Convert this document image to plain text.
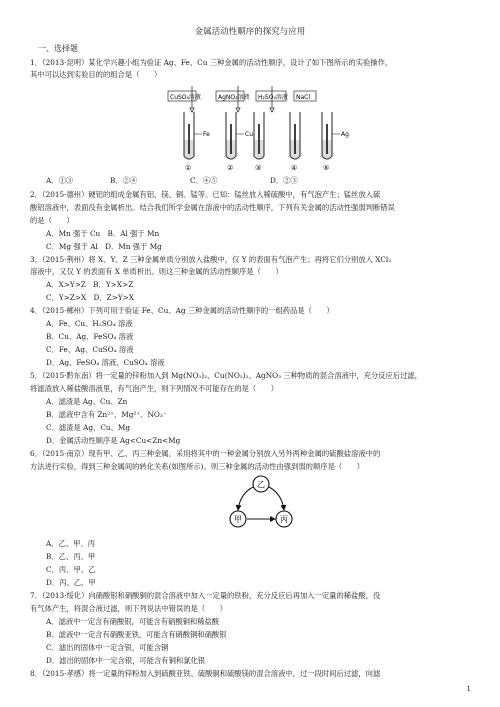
金属活动性顺序的探究与应用
一、选择题
1．（2013·昆明）某化学兴趣小组为验证 Ag、Fe、Cu 三种金属的活动性顺序，设计了如下图所示的实验操作，
其中可以达到实验目的的组合是（　　）
CuSO₄溶液	AgNO₃溶液 H₂SO₄溶液 NaCl
Fe	Cu	Ag
①	②	③	④	⑤
A．①③	B．②④	C．④⑤	D．②③
2．（2015·德州）硬铝的组成金属有铝、镁、铜、锰等。已知：锰丝放入稀硫酸中，有气泡产生；锰丝放入硫
酸铝溶液中，表面没有金属析出。结合我们所学金属在溶液中的活动性顺序，下列有关金属的活动性强弱判断错误
的是（　　）
A．Mn 强于 Cu　B．Al 强于 Mn
C．Mg 强于 Al　D．Mn 强于 Mg
3．（2015·荆州）将 X、Y、Z 三种金属单质分别放入盐酸中，仅 Y 的表面有气泡产生；再将它们分别放入 XCl₂
溶液中，又仅 Y 的表面有 X 单质析出。则这三种金属的活动性顺序是（　　）
A．X>Y>Z　B．Y>X>Z
C．Y>Z>X　D．Z>Y>X
4．（2015·郴州）下列可用于验证 Fe、Cu、Ag 三种金属的活动性顺序的一组药品是（　　）
A．Fe、Cu、H₂SO₄ 溶液
B．Cu、Ag、FeSO₄ 溶液
C．Fe、Ag、CuSO₄ 溶液
D．Ag、FeSO₄ 溶液、CuSO₄ 溶液
5．（2015·黔东南）将一定量的锌粉加入到 Mg(NO₃)₂、Cu(NO₃)₂、AgNO₃ 三种物质的混合溶液中，充分反应后过滤，
将滤渣放入稀盐酸溶液里，有气泡产生，则下列情况不可能存在的是（　　）
A．滤渣是 Ag、Cu、Zn
B．滤液中含有 Zn²⁺、Mg²⁺、NO₃⁻
C．滤渣是 Ag、Cu、Mg
D．金属活动性顺序是 Ag<Cu<Zn<Mg
6．（2015·南京）现有甲、乙、丙三种金属，采用将其中的一种金属分别放入另外两种金属的硫酸盐溶液中的
方法进行实验，得到三种金属间的转化关系(如图所示)。则三种金属的活动性由强到弱的顺序是（　　）
乙
甲	丙
A．乙、甲、丙
B．乙、丙、甲
C．丙、甲、乙
D．丙、乙、甲
7．（2013·绥化）向硝酸银和硝酸铜的混合溶液中加入一定量的铁粉，充分反应后再加入一定量的稀盐酸，没
有气体产生，将混合液过滤，则下列说法中错误的是（　　）
A．滤液中一定含有硝酸银，可能含有硝酸铜和稀盐酸
B．滤液中一定含有硝酸亚铁，可能含有硝酸铜和硝酸银
C．滤出的固体中一定含银，可能含铜
D．滤出的固体中一定含银，可能含有铜和氯化银
8．（2015·孝感）将一定量的锌粉加入到硫酸亚铁、硫酸铜和硫酸镁的混合溶液中，过一段时间后过滤，向滤
1
